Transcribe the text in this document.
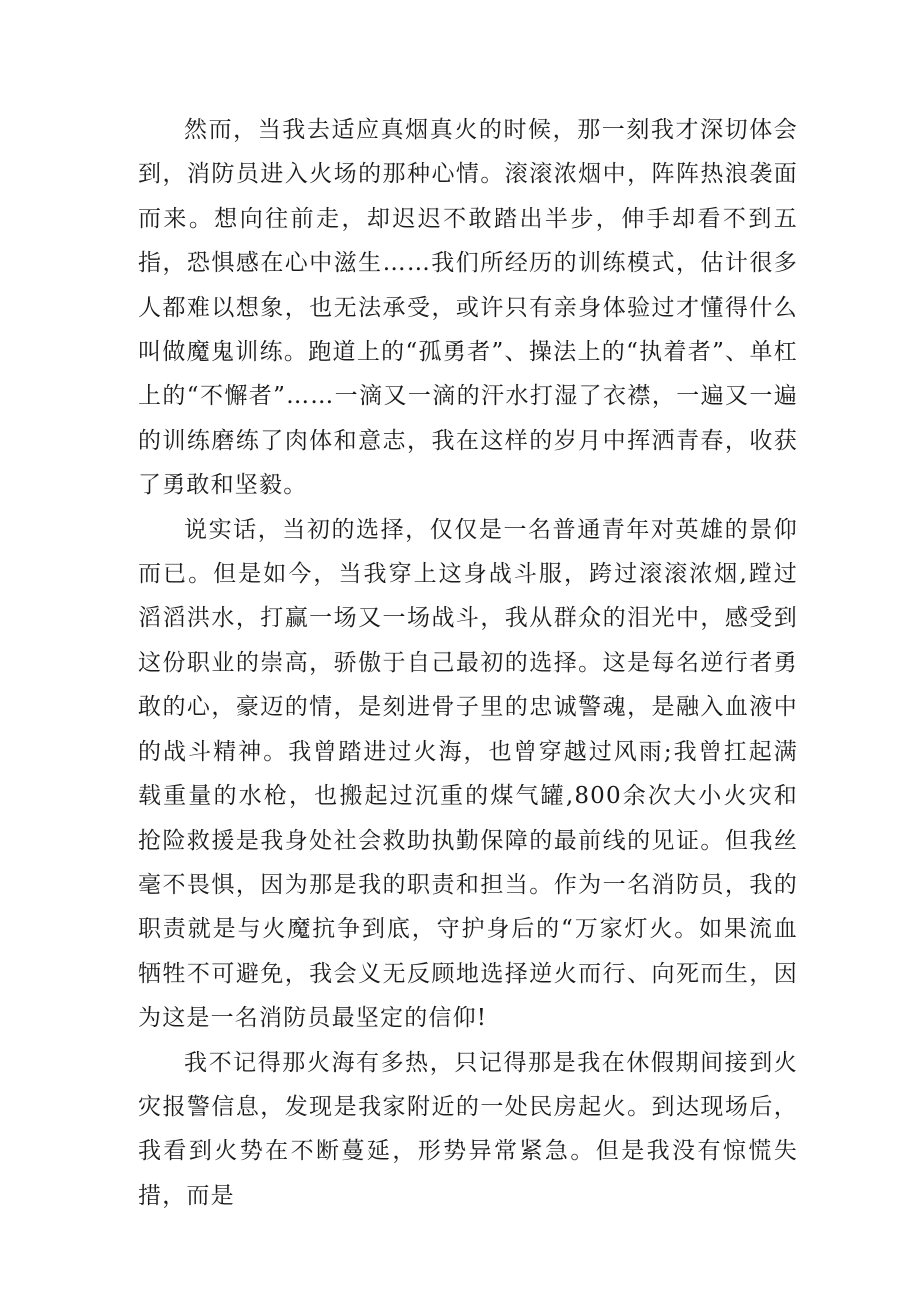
然而，当我去适应真烟真火的时候，那一刻我才深切体会到，消防员进入火场的那种心情。滚滚浓烟中，阵阵热浪袭面而来。想向往前走，却迟迟不敢踏出半步，伸手却看不到五指，恐惧感在心中滋生……我们所经历的训练模式，估计很多人都难以想象，也无法承受，或许只有亲身体验过才懂得什么叫做魔鬼训练。跑道上的“孤勇者”、操法上的“执着者”、单杠上的“不懈者”……一滴又一滴的汗水打湿了衣襟，一遍又一遍的训练磨练了肉体和意志，我在这样的岁月中挥洒青春，收获了勇敢和坚毅。

说实话，当初的选择，仅仅是一名普通青年对英雄的景仰而已。但是如今，当我穿上这身战斗服，跨过滚滚浓烟,蹚过滔滔洪水，打赢一场又一场战斗，我从群众的泪光中，感受到这份职业的崇高，骄傲于自己最初的选择。这是每名逆行者勇敢的心，豪迈的情，是刻进骨子里的忠诚警魂，是融入血液中的战斗精神。我曾踏进过火海，也曾穿越过风雨;我曾扛起满载重量的水枪，也搬起过沉重的煤气罐,800余次大小火灾和抢险救援是我身处社会救助执勤保障的最前线的见证。但我丝毫不畏惧，因为那是我的职责和担当。作为一名消防员，我的职责就是与火魔抗争到底，守护身后的“万家灯火。如果流血牺牲不可避免，我会义无反顾地选择逆火而行、向死而生，因为这是一名消防员最坚定的信仰!

我不记得那火海有多热，只记得那是我在休假期间接到火灾报警信息，发现是我家附近的一处民房起火。到达现场后，我看到火势在不断蔓延，形势异常紧急。但是我没有惊慌失措，而是
